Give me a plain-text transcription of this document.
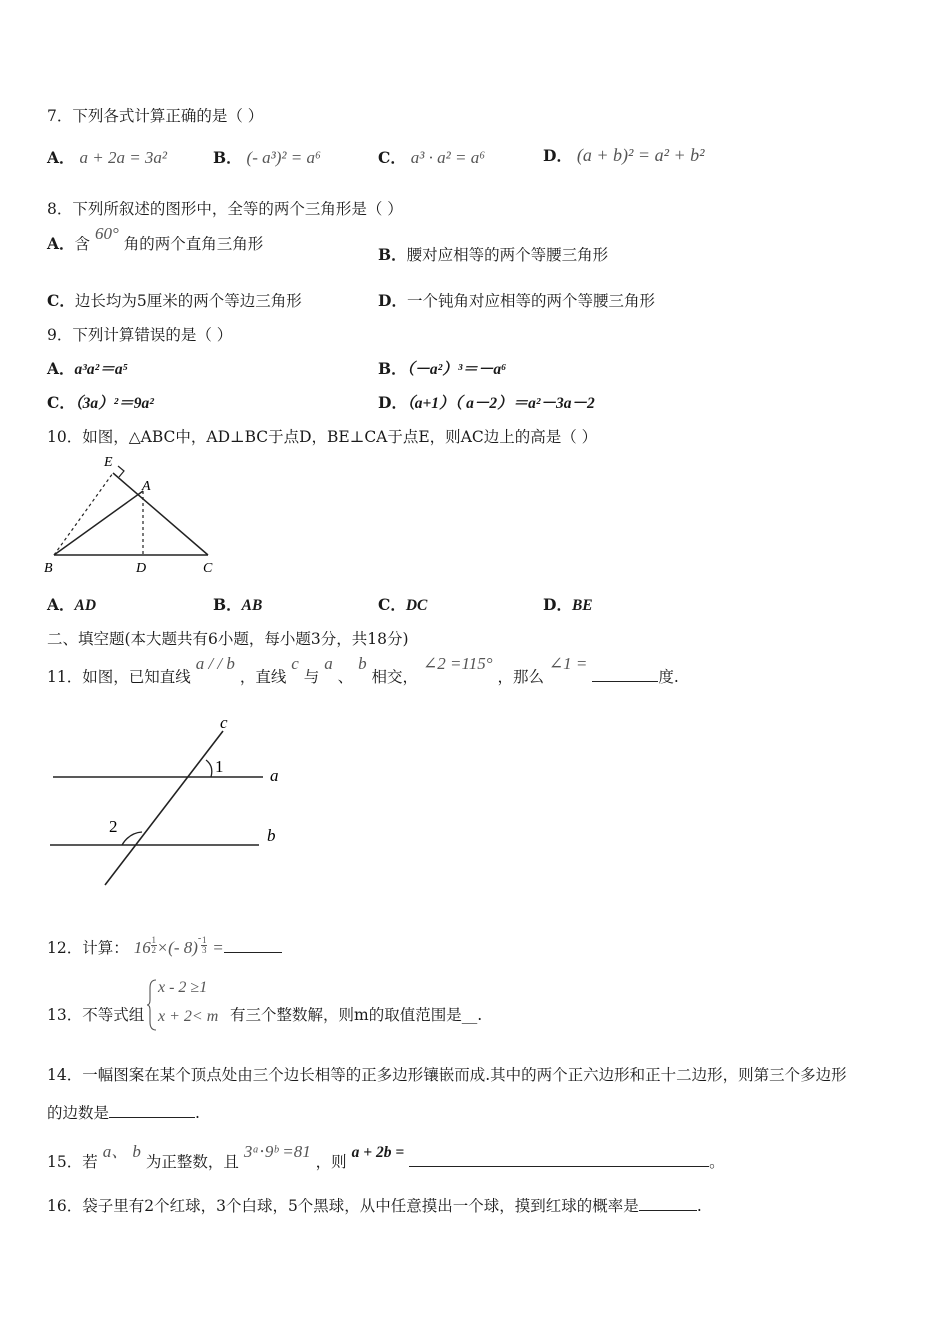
7．下列各式计算正确的是（ ）
A． a + 2a = 3a²	B． (- a³)² = a⁶	C． a³ · a² = a⁶	D． (a + b)² = a² + b²
8．下列所叙述的图形中，全等的两个三角形是（ ）
A．含 60° 角的两个直角三角形
B．腰对应相等的两个等腰三角形
C．边长均为5厘米的两个等边三角形	D．一个钝角对应相等的两个等腰三角形
9．下列计算错误的是（ ）
A．a³a²＝a⁵	B．（－a²）³＝－a⁶
C．（3a）²＝9a²	D．（a+1）（ a－2）＝a²－3a－2
10．如图，△ABC中，AD⊥BC于点D，BE⊥CA于点E，则AC边上的高是（ ）
E
A
B	D	C
A．AD	B．AB	C．DC	D．BE
二、填空题(本大题共有6小题，每小题3分，共18分)
11．如图，已知直线 a / / b ，直线 c 与 a 、 b 相交， ∠2 =115° ，那么 ∠1 = 度.
c
1	a
2	b
12．计算： $16 \frac{1}{2}$ ×(- $8)^- \frac{1}{3}$ =
13．不等式组
x - 2 ≥1
x + 2< m 有三个整数解，则m的取值范围是__.
14．一幅图案在某个顶点处由三个边长相等的正多边形镶嵌而成.其中的两个正六边形和正十二边形，则第三个多边形
的边数是	.
15．若 a、 b 为正整数，且 3ᵃ⋅9ᵇ =81 ，则 a + 2b = 。
16．袋子里有2个红球，3个白球，5个黑球，从中任意摸出一个球，摸到红球的概率是	.
